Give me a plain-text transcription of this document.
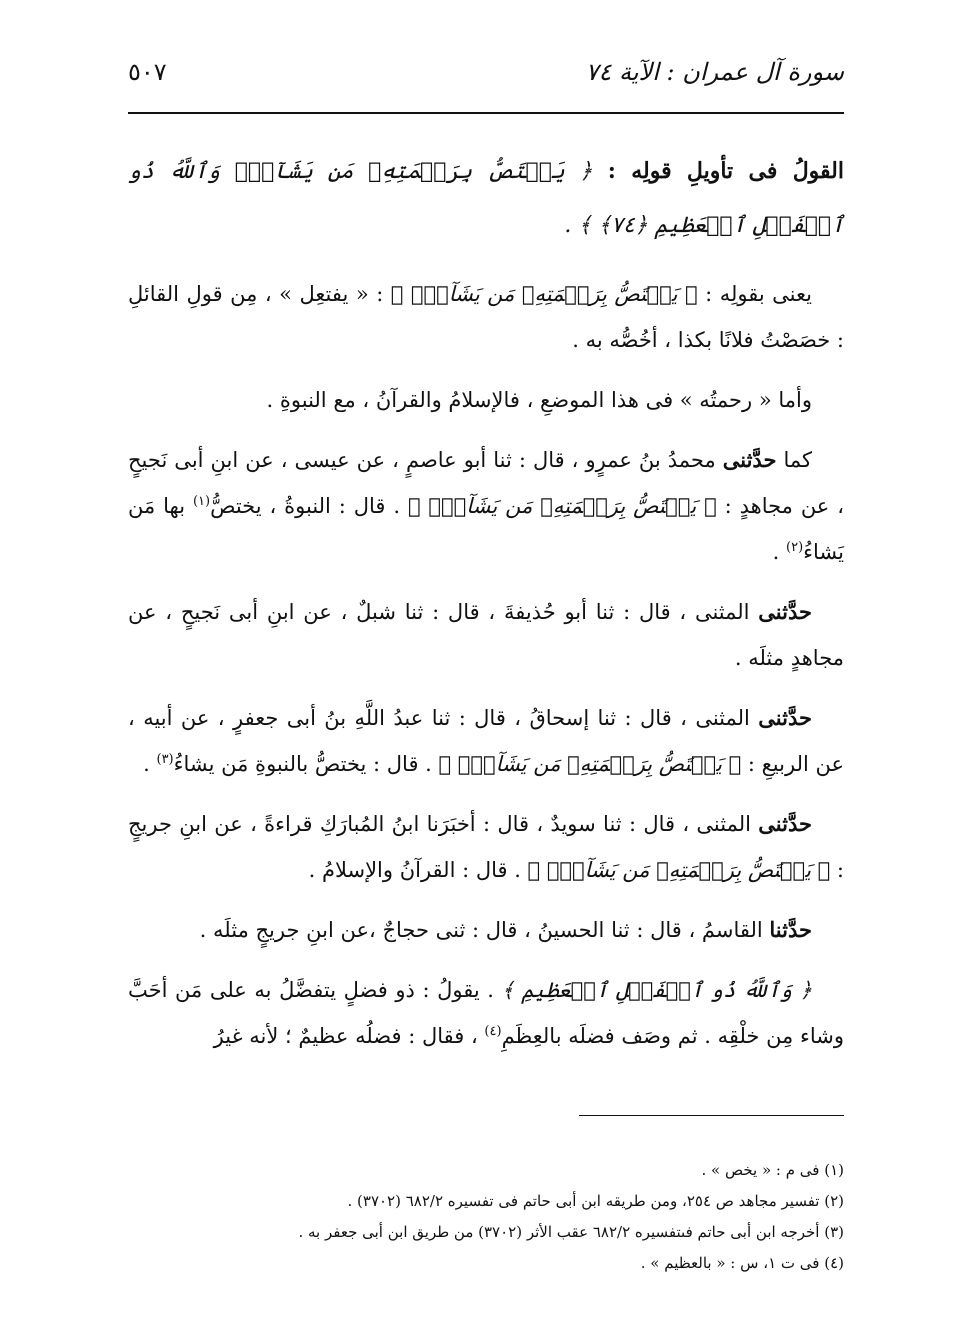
سورة آل عمران : الآية ٧٤
٥٠٧

القولُ فى تأويلِ قولِه : ﴿ يَخۡتَصُّ بِرَحۡمَتِهِۦ مَن يَشَآءُۗ وَٱللَّهُ ذُو ٱلۡفَضۡلِ ٱلۡعَظِيمِ ﴿٧٤﴾ ﴾ .

يعنى بقولِه : ﴿ يَخۡتَصُّ بِرَحۡمَتِهِۦ مَن يَشَآءُۗ ﴾ : « يفتعِل » ، مِن قولِ القائلِ : خصَصْتُ فلانًا بكذا ، أخُصُّه به .

وأما « رحمتُه » فى هذا الموضعِ ، فالإسلامُ والقرآنُ ، مع النبوةِ .

كما حدَّثنى محمدُ بنُ عمرٍو ، قال : ثنا أبو عاصمٍ ، عن عيسى ، عن ابنِ أبى نَجيحٍ ، عن مجاهدٍ : ﴿ يَخۡتَصُّ بِرَحۡمَتِهِۦ مَن يَشَآءُۗ ﴾ . قال : النبوةُ ، يختصُّ$^{(١)}$ بها مَن يَشاءُ$^{(٢)}$ .

حدَّثنى المثنى ، قال : ثنا أبو حُذيفةَ ، قال : ثنا شبلٌ ، عن ابنِ أبى نَجيحٍ ، عن مجاهدٍ مثلَه .

حدَّثنى المثنى ، قال : ثنا إسحاقُ ، قال : ثنا عبدُ اللَّهِ بنُ أبى جعفرٍ ، عن أبيه ، عن الربيعِ : ﴿ يَخۡتَصُّ بِرَحۡمَتِهِۦ مَن يَشَآءُۗ ﴾ . قال : يختصُّ بالنبوةِ مَن يشاءُ$^{(٣)}$ .

حدَّثنى المثنى ، قال : ثنا سويدٌ ، قال : أخبَرَنا ابنُ المُبارَكِ قراءةً ، عن ابنِ جريجٍ : ﴿ يَخۡتَصُّ بِرَحۡمَتِهِۦ مَن يَشَآءُۗ ﴾ . قال : القرآنُ والإسلامُ .

حدَّثنا القاسمُ ، قال : ثنا الحسينُ ، قال : ثنى حجاجٌ ،عن ابنِ جريجٍ مثلَه .

﴿ وَٱللَّهُ ذُو ٱلۡفَضۡلِ ٱلۡعَظِيمِ ﴾ . يقولُ : ذو فضلٍ يتفضَّلُ به على مَن أحَبَّ وشاء مِن خلْقِه . ثم وصَف فضلَه بالعِظَمِ$^{(٤)}$ ، فقال : فضلُه عظيمٌ ؛ لأنه غيرُ

(١) فى م : « يخص » .
(٢) تفسير مجاهد ص ٢٥٤، ومن طريقه ابن أبى حاتم فى تفسيره ٦٨٢/٢ (٣٧٠٢) .
(٣) أخرجه ابن أبى حاتم فىتفسيره ٦٨٢/٢ عقب الأثر (٣٧٠٢) من طريق ابن أبى جعفر به .
(٤) فى ت ١، س : « بالعظيم » .
